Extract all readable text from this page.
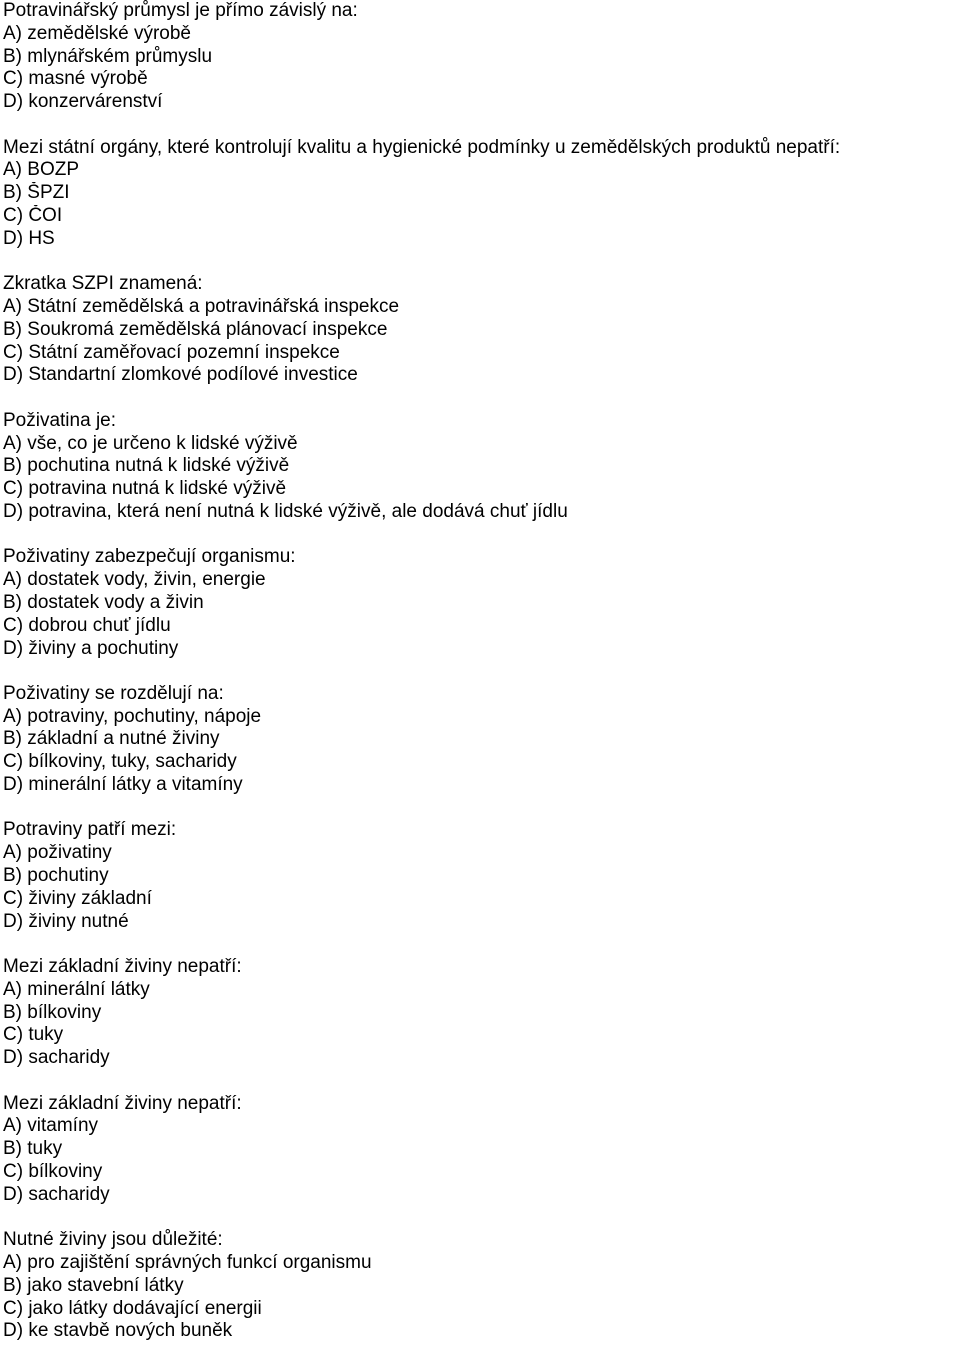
Potravinářský průmysl je přímo závislý na:
A) zemědělské výrobě
B) mlynářském průmyslu
C) masné výrobě
D) konzervárenství
Mezi státní orgány, které kontrolují kvalitu a hygienické podmínky u zemědělských produktů nepatří:
A) BOZP
B) ŠPZI
C) ČOI
D) HS
Zkratka SZPI znamená:
A) Státní zemědělská a potravinářská inspekce
B) Soukromá zemědělská plánovací inspekce
C) Státní zaměřovací pozemní inspekce
D) Standartní zlomkové podílové investice
Poživatina je:
A) vše, co je určeno k lidské výživě
B) pochutina nutná k lidské výživě
C) potravina nutná k lidské výživě
D) potravina, která není nutná k lidské výživě, ale dodává chuť jídlu
Poživatiny zabezpečují organismu:
A) dostatek vody, živin, energie
B) dostatek vody a živin
C) dobrou chuť jídlu
D) živiny a pochutiny
Poživatiny se rozdělují na:
A) potraviny, pochutiny, nápoje
B) základní a nutné živiny
C) bílkoviny, tuky, sacharidy
D) minerální látky a vitamíny
Potraviny patří mezi:
A) poživatiny
B) pochutiny
C) živiny základní
D) živiny nutné
Mezi základní živiny nepatří:
A) minerální látky
B) bílkoviny
C) tuky
D) sacharidy
Mezi základní živiny nepatří:
A) vitamíny
B) tuky
C) bílkoviny
D) sacharidy
Nutné živiny jsou důležité:
A) pro zajištění správných funkcí organismu
B) jako stavební látky
C) jako látky dodávající energii
D) ke stavbě nových buněk
